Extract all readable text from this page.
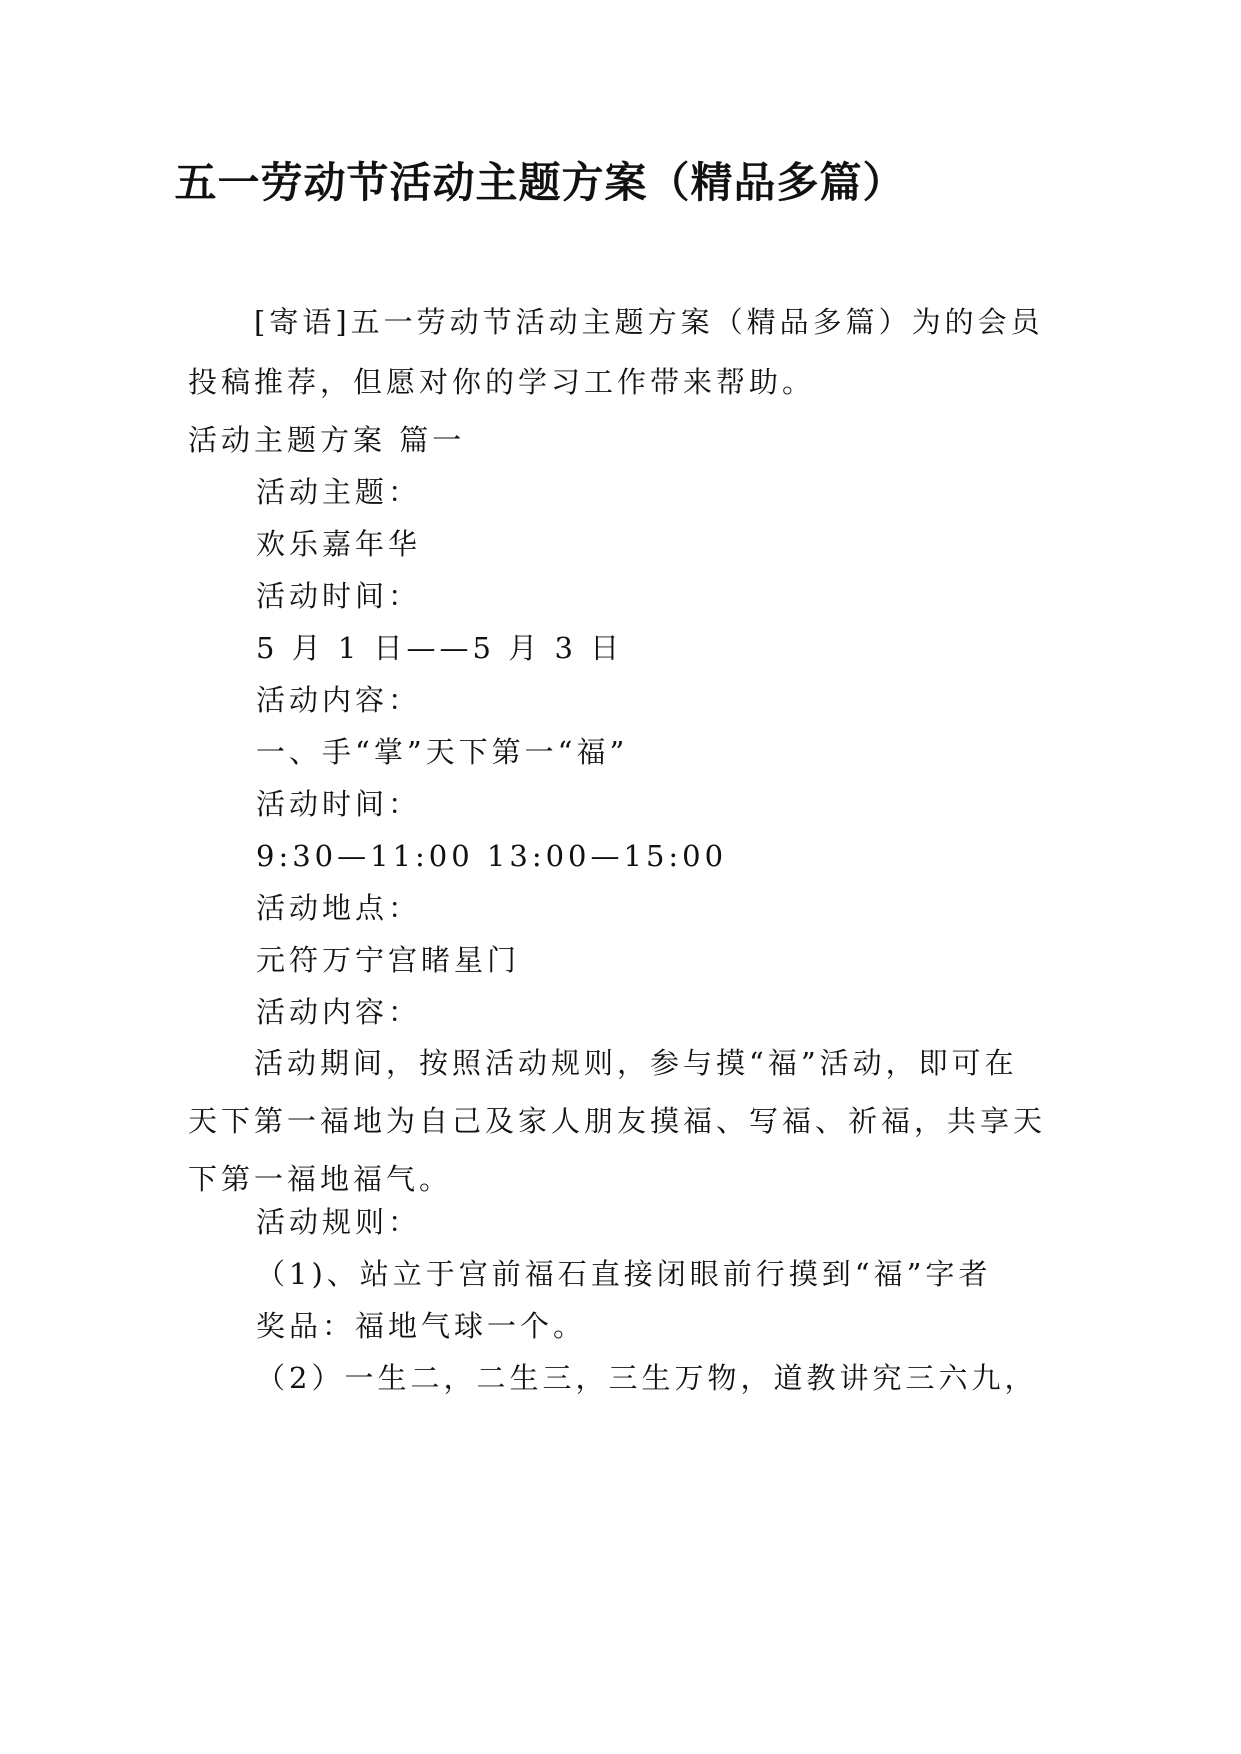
五一劳动节活动主题方案（精品多篇）

[寄语]五一劳动节活动主题方案（精品多篇）为的会员投稿推荐，但愿对你的学习工作带来帮助。

活动主题方案 篇一
活动主题：
欢乐嘉年华
活动时间：
5 月 1 日——5 月 3 日
活动内容：
一、手“掌”天下第一“福”
活动时间：
9:30—11:00 13:00—15:00
活动地点：
元符万宁宫睹星门
活动内容：

活动期间，按照活动规则，参与摸“福”活动，即可在天下第一福地为自己及家人朋友摸福、写福、祈福，共享天下第一福地福气。

活动规则：
（1)、站立于宫前福石直接闭眼前行摸到“福”字者
奖品：福地气球一个。
（2）一生二，二生三，三生万物，道教讲究三六九，
